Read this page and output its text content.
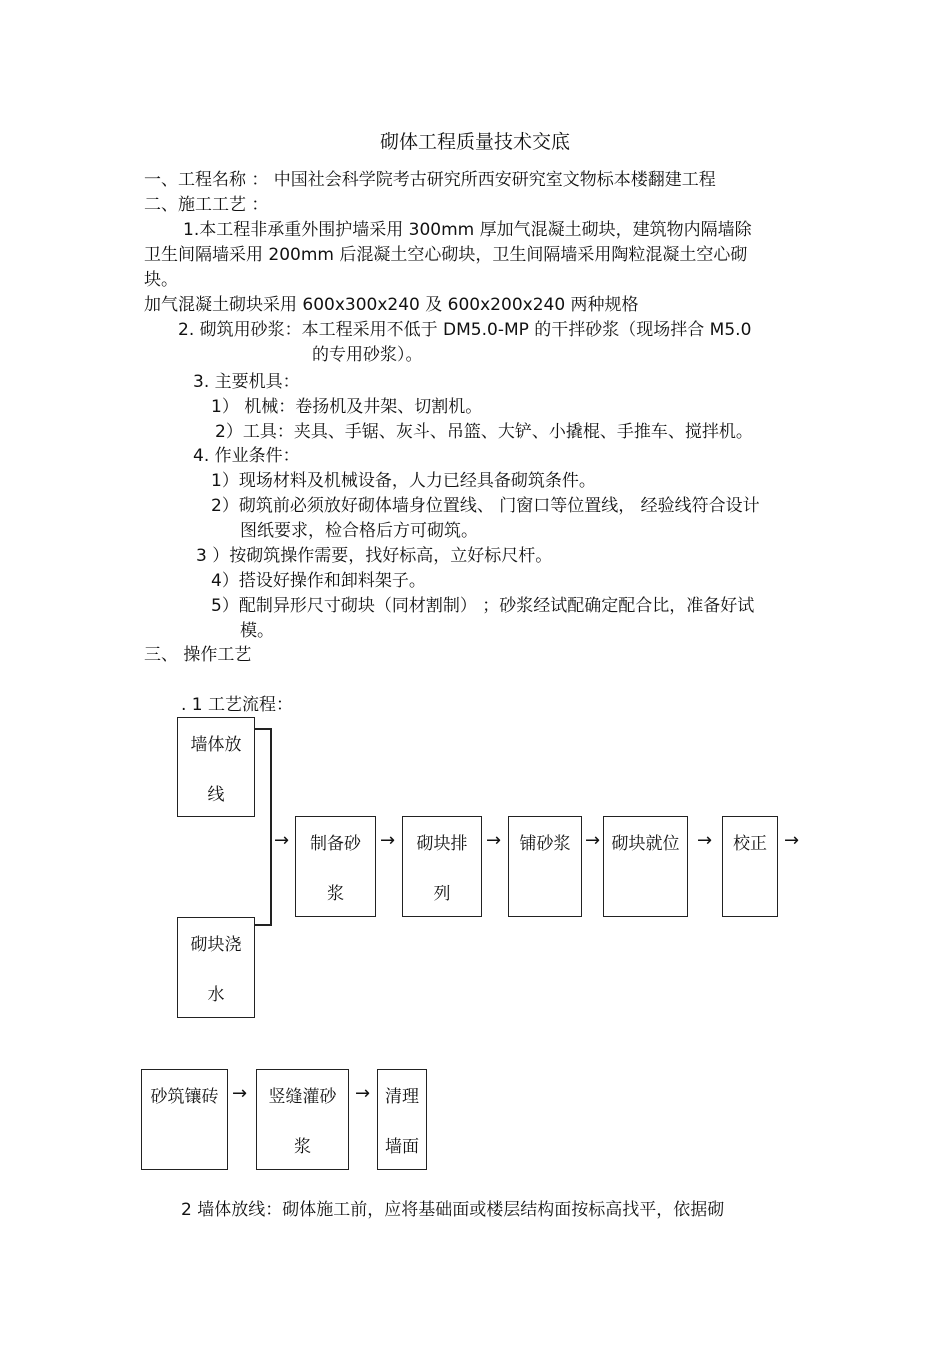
砌体工程质量技术交底
一、工程名称 ： 中国社会科学院考古研究所西安研究室文物标本楼翻建工程
二、施工工艺 ：
1.本工程非承重外围护墙采用 300mm 厚加气混凝土砌块，建筑物内隔墙除
卫生间隔墙采用 200mm 后混凝土空心砌块，卫生间隔墙采用陶粒混凝土空心砌
块。
加气混凝土砌块采用 600x300x240 及 600x200x240 两种规格
2. 砌筑用砂浆：本工程采用不低于 DM5.0-MP 的干拌砂浆（现场拌合 M5.0
的专用砂浆）。
3. 主要机具：
1） 机械：卷扬机及井架、切割机。
2）工具：夹具、手锯、灰斗、吊篮、大铲、小撬棍、手推车、搅拌机。
4. 作业条件：
1）现场材料及机械设备，人力已经具备砌筑条件。
2）砌筑前必须放好砌体墙身位置线、 门窗口等位置线， 经验线符合设计
图纸要求，检合格后方可砌筑。
3 ）按砌筑操作需要，找好标高，立好标尺杆。
4）搭设好操作和卸料架子。
5）配制异形尺寸砌块（同材割制） ；砂浆经试配确定配合比，准备好试
模。
三、 操作工艺
. 1 工艺流程：
墙体放
线
砌块浇
水
→	制备砂
浆
→	砌块排
列
→	铺砂浆 → 砌块就位 →	校正 →
砂筑镶砖 →	竖缝灌砂
浆
→ 清理
墙面
2 墙体放线：砌体施工前，应将基础面或楼层结构面按标高找平，依据砌
